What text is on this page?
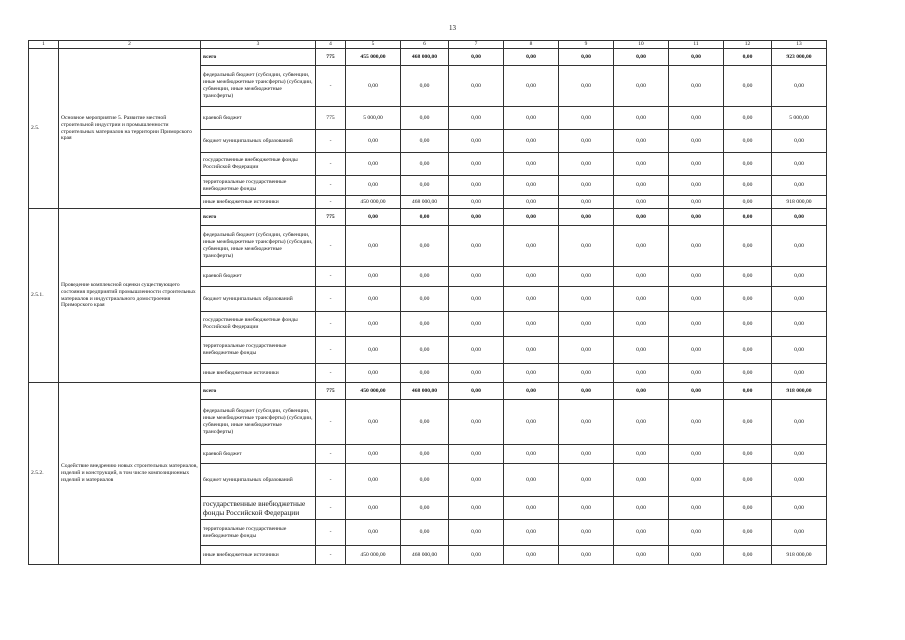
13
1	2	3	4	5	6	7	8	9	10	11	12	13
2.5.	Основное мероприятие 5. Развитие местной строительной индустрии и промышленности строительных материалов на территории Приморского края	всего	775	455 000,00	468 000,00	0,00	0,00	0,00	0,00	0,00	0,00	923 000,00
		федеральный бюджет (субсидии, субвенции, иные межбюджетные трансферты) (субсидии, субвенции, иные межбюджетные трансферты)	-	0,00	0,00	0,00	0,00	0,00	0,00	0,00	0,00	0,00
		краевой бюджет	775	5 000,00	0,00	0,00	0,00	0,00	0,00	0,00	0,00	5 000,00
		бюджет муниципальных образований	-	0,00	0,00	0,00	0,00	0,00	0,00	0,00	0,00	0,00
		государственные внебюджетные фонды Российской Федерации	-	0,00	0,00	0,00	0,00	0,00	0,00	0,00	0,00	0,00
		территориальные государственные внебюджетные фонды	-	0,00	0,00	0,00	0,00	0,00	0,00	0,00	0,00	0,00
		иные внебюджетные источники	-	450 000,00	468 000,00	0,00	0,00	0,00	0,00	0,00	0,00	918 000,00
2.5.1.	Проведение комплексной оценки существующего состояния предприятий промышленности строительных материалов и индустриального домостроения Приморского края	всего	775	0,00	0,00	0,00	0,00	0,00	0,00	0,00	0,00	0,00
		федеральный бюджет (субсидии, субвенции, иные межбюджетные трансферты) (субсидии, субвенции, иные межбюджетные трансферты)	-	0,00	0,00	0,00	0,00	0,00	0,00	0,00	0,00	0,00
		краевой бюджет	-	0,00	0,00	0,00	0,00	0,00	0,00	0,00	0,00	0,00
		бюджет муниципальных образований	-	0,00	0,00	0,00	0,00	0,00	0,00	0,00	0,00	0,00
		государственные внебюджетные фонды Российской Федерации	-	0,00	0,00	0,00	0,00	0,00	0,00	0,00	0,00	0,00
		территориальные государственные внебюджетные фонды	-	0,00	0,00	0,00	0,00	0,00	0,00	0,00	0,00	0,00
		иные внебюджетные источники	-	0,00	0,00	0,00	0,00	0,00	0,00	0,00	0,00	0,00
2.5.2.	Содействие внедрению новых строительных материалов, изделий и конструкций, в том числе композиционных изделий и материалов	всего	775	450 000,00	468 000,00	0,00	0,00	0,00	0,00	0,00	0,00	918 000,00
		федеральный бюджет (субсидии, субвенции, иные межбюджетные трансферты) (субсидии, субвенции, иные межбюджетные трансферты)	-	0,00	0,00	0,00	0,00	0,00	0,00	0,00	0,00	0,00
		краевой бюджет	-	0,00	0,00	0,00	0,00	0,00	0,00	0,00	0,00	0,00
		бюджет муниципальных образований	-	0,00	0,00	0,00	0,00	0,00	0,00	0,00	0,00	0,00
		государственные внебюджетные фонды Российской Федерации	-	0,00	0,00	0,00	0,00	0,00	0,00	0,00	0,00	0,00
		территориальные государственные внебюджетные фонды	-	0,00	0,00	0,00	0,00	0,00	0,00	0,00	0,00	0,00
		иные внебюджетные источники	-	450 000,00	468 000,00	0,00	0,00	0,00	0,00	0,00	0,00	918 000,00
